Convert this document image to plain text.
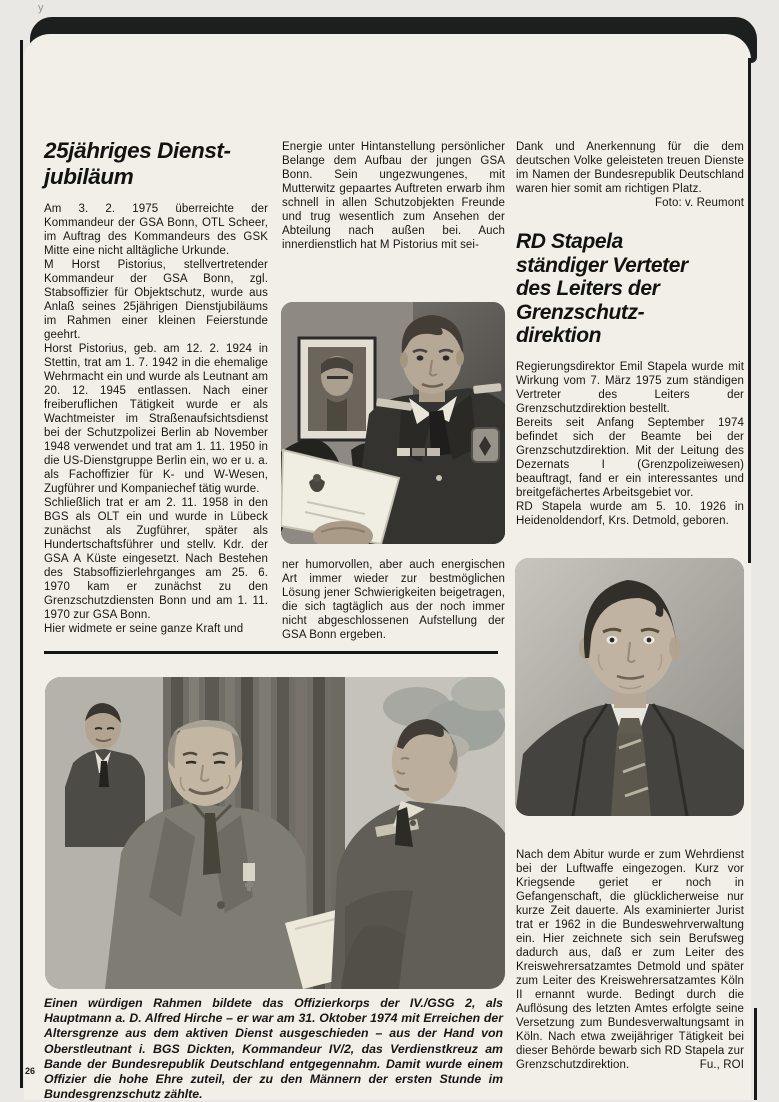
y
25jähriges Dienst-
jubiläum

Am 3. 2. 1975 überreichte der Kommandeur der GSA Bonn, OTL Scheer, im Auftrag des Kommandeurs des GSK Mitte eine nicht alltägliche Urkunde.

M Horst Pistorius, stellvertretender Kommandeur der GSA Bonn, zgl. Stabsoffizier für Objektschutz, wurde aus Anlaß seines 25jährigen Dienstjubiläums im Rahmen einer kleinen Feierstunde geehrt.

Horst Pistorius, geb. am 12. 2. 1924 in Stettin, trat am 1. 7. 1942 in die ehemalige Wehrmacht ein und wurde als Leutnant am 20. 12. 1945 entlassen. Nach einer freiberuflichen Tätigkeit wurde er als Wachtmeister im Straßenaufsichtsdienst bei der Schutzpolizei Berlin ab November 1948 verwendet und trat am 1. 11. 1950 in die US-Dienstgruppe Berlin ein, wo er u. a. als Fachoffizier für K- und W-Wesen, Zugführer und Kompaniechef tätig wurde.

Schließlich trat er am 2. 11. 1958 in den BGS als OLT ein und wurde in Lübeck zunächst als Zugführer, später als Hundertschaftsführer und stellv. Kdr. der GSA A Küste eingesetzt. Nach Bestehen des Stabsoffizierlehrganges am 25. 6. 1970 kam er zunächst zu den Grenzschutzdiensten Bonn und am 1. 11. 1970 zur GSA Bonn.

Hier widmete er seine ganze Kraft und

Energie unter Hintanstellung persönlicher Belange dem Aufbau der jungen GSA Bonn. Sein ungezwungenes, mit Mutterwitz gepaartes Auftreten erwarb ihm schnell in allen Schutzobjekten Freunde und trug wesentlich zum Ansehen der Abteilung nach außen bei. Auch innerdienstlich hat M Pistorius mit sei-

ner humorvollen, aber auch energischen Art immer wieder zur bestmöglichen Lösung jener Schwierigkeiten beigetragen, die sich tagtäglich aus der noch immer nicht abgeschlossenen Aufstellung der GSA Bonn ergeben.

Dank und Anerkennung für die dem deutschen Volke geleisteten treuen Dienste im Namen der Bundesrepublik Deutschland waren hier somit am richtigen Platz.
Foto: v. Reumont

RD Stapela
ständiger Verteter
des Leiters der
Grenzschutz-
direktion

Regierungsdirektor Emil Stapela wurde mit Wirkung vom 7. März 1975 zum ständigen Vertreter des Leiters der Grenzschutzdirektion bestellt.

Bereits seit Anfang September 1974 befindet sich der Beamte bei der Grenzschutzdirektion. Mit der Leitung des Dezernats I (Grenzpolizeiwesen) beauftragt, fand er ein interessantes und breitgefächertes Arbeitsgebiet vor.

RD Stapela wurde am 5. 10. 1926 in Heidenoldendorf, Krs. Detmold, geboren.

Nach dem Abitur wurde er zum Wehrdienst bei der Luftwaffe eingezogen. Kurz vor Kriegsende geriet er noch in Gefangenschaft, die glücklicherweise nur kurze Zeit dauerte. Als examinierter Jurist trat er 1962 in die Bundeswehrverwaltung ein. Hier zeichnete sich sein Berufsweg dadurch aus, daß er zum Leiter des Kreiswehrersatzamtes Detmold und später zum Leiter des Kreiswehrersatzamtes Köln II ernannt wurde. Bedingt durch die Auflösung des letzten Amtes erfolgte seine Versetzung zum Bundesverwaltungsamt in Köln. Nach etwa zweijähriger Tätigkeit bei dieser Behörde bewarb sich RD Stapela zur Grenzschutzdirektion.	Fu., ROI

Einen würdigen Rahmen bildete das Offizierkorps der IV./GSG 2, als Hauptmann a. D. Alfred Hirche – er war am 31. Oktober 1974 mit Erreichen der Altersgrenze aus dem aktiven Dienst ausgeschieden – aus der Hand von Oberstleutnant i. BGS Dickten, Kommandeur IV/2, das Verdienstkreuz am Bande der Bundesrepublik Deutschland entgegennahm. Damit wurde einem Offizier die hohe Ehre zuteil, der zu den Männern der ersten Stunde im Bundesgrenzschutz zählte.

26
